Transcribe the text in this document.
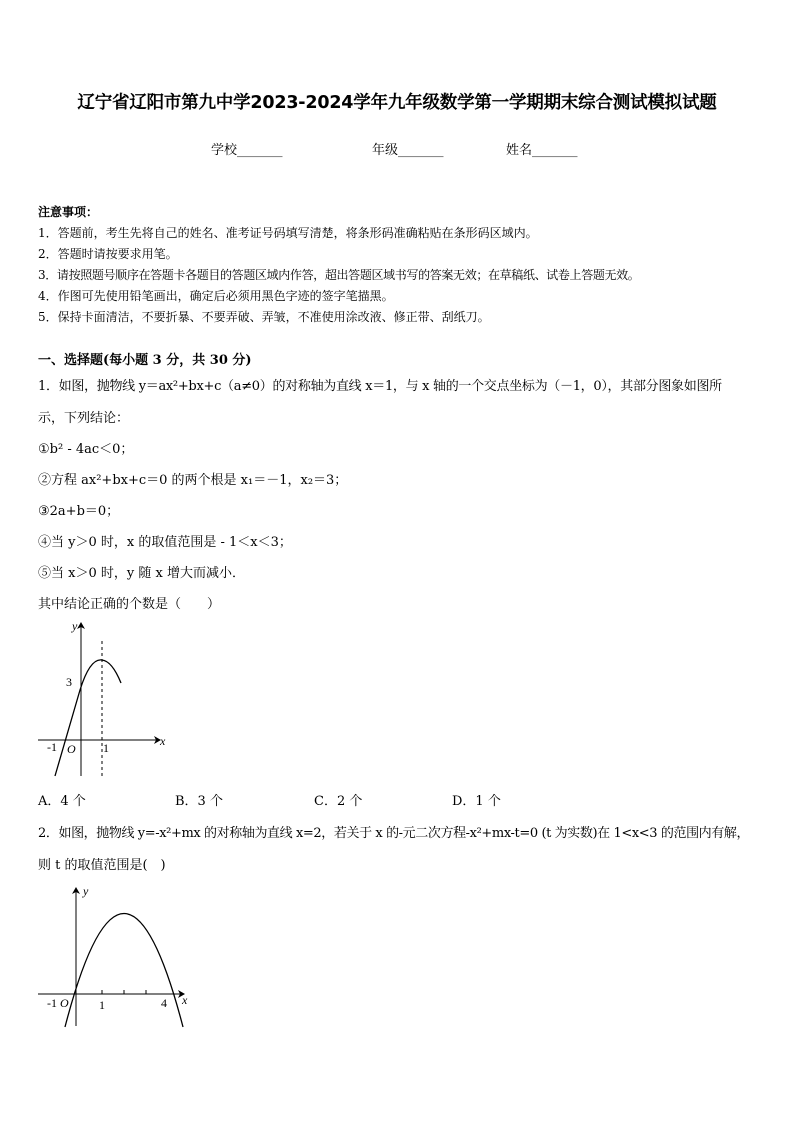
辽宁省辽阳市第九中学2023-2024学年九年级数学第一学期期末综合测试模拟试题
学校_______	年级_______	姓名_______
注意事项：
1．答题前，考生先将自己的姓名、准考证号码填写清楚，将条形码准确粘贴在条形码区域内。
2．答题时请按要求用笔。
3．请按照题号顺序在答题卡各题目的答题区域内作答，超出答题区域书写的答案无效；在草稿纸、试卷上答题无效。
4．作图可先使用铅笔画出，确定后必须用黑色字迹的签字笔描黑。
5．保持卡面清洁，不要折暴、不要弄破、弄皱，不准使用涂改液、修正带、刮纸刀。
一、选择题(每小题 3 分，共 30 分)
1．如图，抛物线 y＝ax²+bx+c（a≠0）的对称轴为直线 x＝1，与 x 轴的一个交点坐标为（－1，0），其部分图象如图所
示，下列结论：
①b² - 4ac＜0；
②方程 ax²+bx+c＝0 的两个根是 x₁＝－1，x₂＝3；
③2a+b＝0；
④当 y＞0 时，x 的取值范围是 - 1＜x＜3；
⑤当 x＞0 时，y 随 x 增大而减小．
其中结论正确的个数是（　　）
y
x
3
-1 O 1
A．4 个	B．3 个	C．2 个	D．1 个
2．如图，抛物线 y=-x²+mx 的对称轴为直线 x=2，若关于 x 的-元二次方程-x²+mx-t=0 (t 为实数)在 1<x<3 的范围内有解，
则 t 的取值范围是(　)
y
x
-1 O	1	4
